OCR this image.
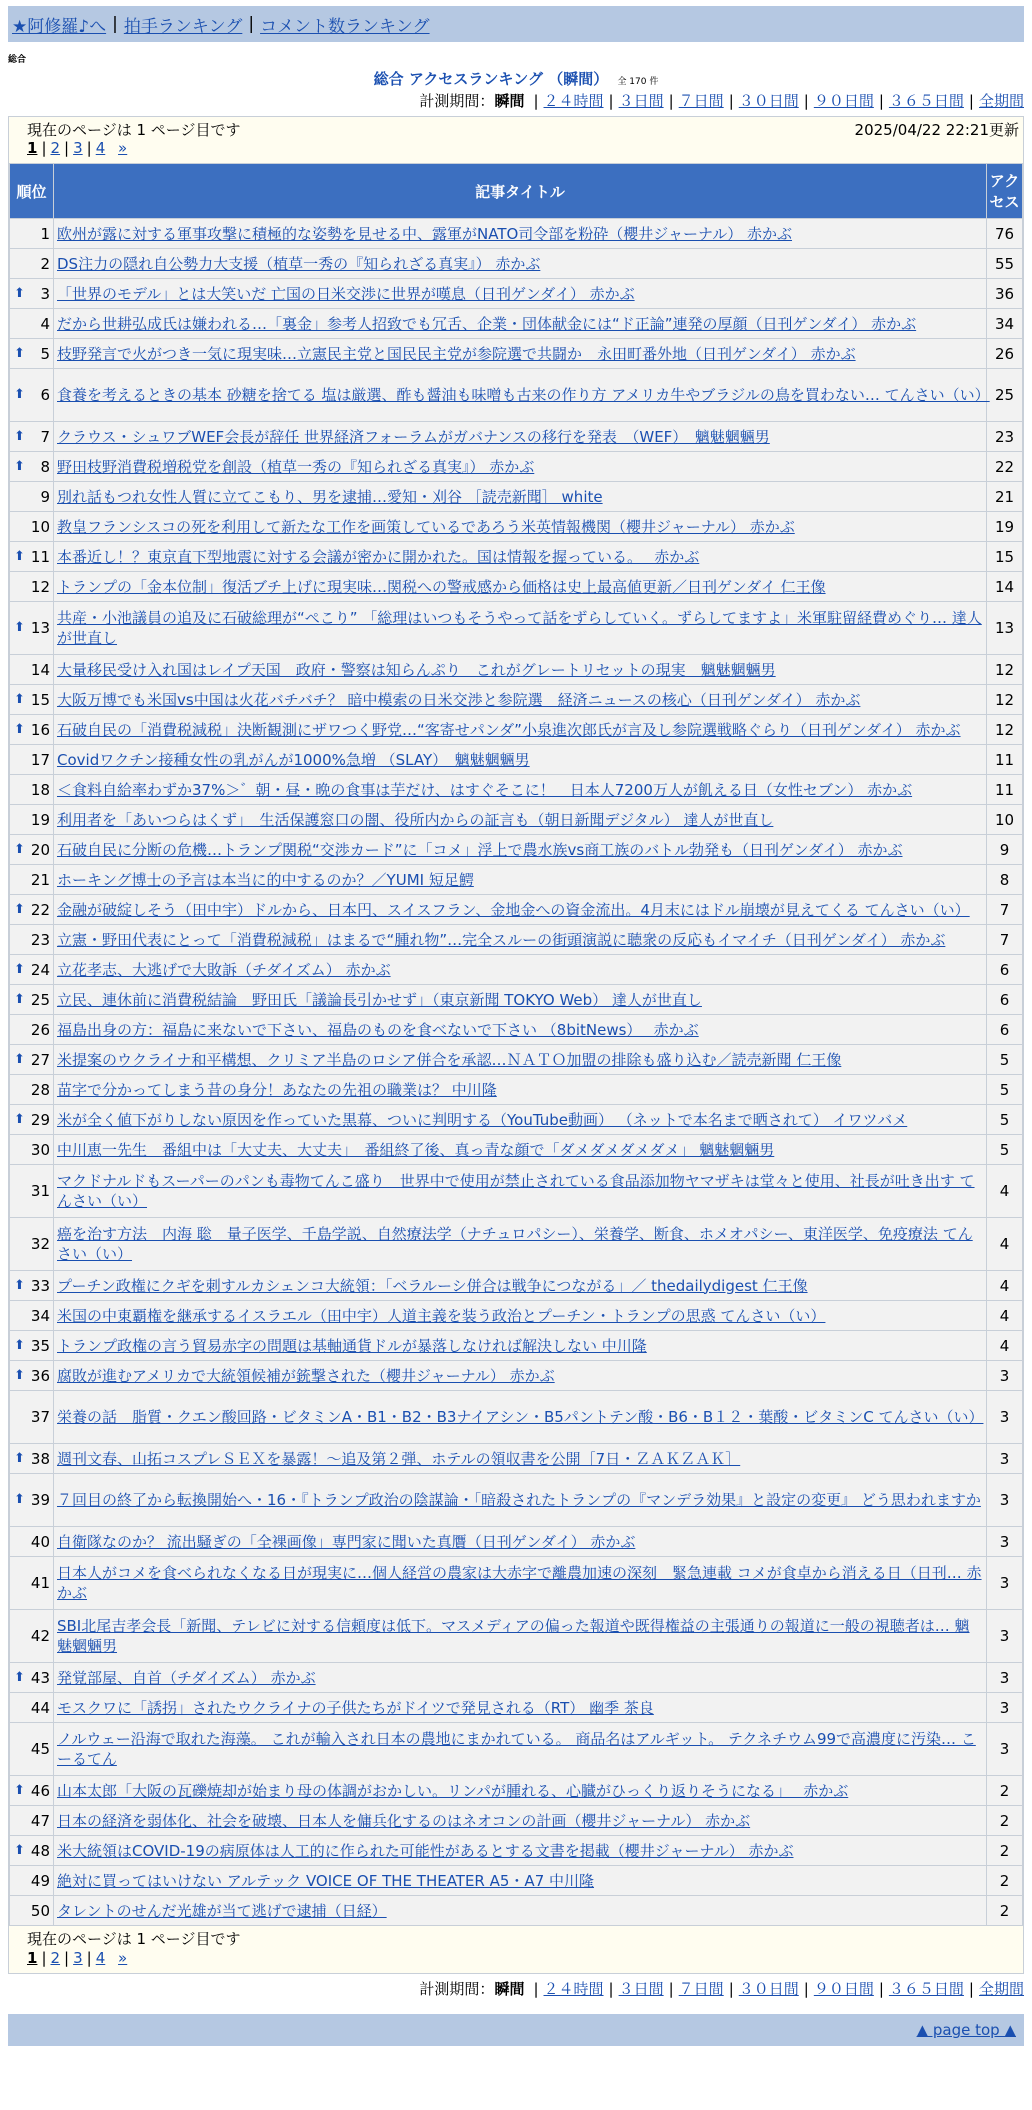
★阿修羅♪へ | 拍手ランキング | コメント数ランキング
総合
総合 アクセスランキング （瞬間） 全 170 件
計測期間：瞬間 | ２４時間 | ３日間 | ７日間 | ３０日間 | ９０日間 | ３６５日間 | 全期間
現在のページは 1 ページ目です	2025/04/22 22:21更新
1 | 2 | 3 | 4 »
順位	記事タイトル	アクセス
1	欧州が露に対する軍事攻撃に積極的な姿勢を見せる中、露軍がNATO司令部を粉砕（櫻井ジャーナル） 赤かぶ	76
2	DS注力の隠れ自公勢力大支援（植草一秀の『知られざる真実』） 赤かぶ	55

⬆ 3	「世界のモデル」とは大笑いだ 亡国の日米交渉に世界が嘆息（日刊ゲンダイ） 赤かぶ	36
4	だから世耕弘成氏は嫌われる…「裏金」参考人招致でも冗舌、企業・団体献金には“ド正論”連発の厚顔（日刊ゲンダイ） 赤かぶ	34

⬆ 5	枝野発言で火がつき一気に現実味…立憲民主党と国民民主党が参院選で共闘か　永田町番外地（日刊ゲンダイ） 赤かぶ	26

⬆ 6	食養を考えるときの基本 砂糖を捨てる 塩は厳選、酢も醤油も味噌も古来の作り方 アメリカ牛やブラジルの鳥を買わない… てんさい（い）	25

⬆ 7	クラウス・シュワブWEF会長が辞任 世界経済フォーラムがガバナンスの移行を発表　（WEF）　魑魅魍魎男	23

⬆ 8	野田枝野消費税増税党を創設（植草一秀の『知られざる真実』） 赤かぶ	22
9	別れ話もつれ女性人質に立てこもり、男を逮捕…愛知・刈谷 ［読売新聞］ white	21
10	教皇フランシスコの死を利用して新たな工作を画策しているであろう米英情報機関（櫻井ジャーナル） 赤かぶ	19

⬆ 11	本番近し！？東京直下型地震に対する会議が密かに開かれた。国は情報を握っている。　 赤かぶ	15
12	トランプの「金本位制」復活ブチ上げに現実味…関税への警戒感から価格は史上最高値更新／日刊ゲンダイ 仁王像	14

⬆ 13	共産・小池議員の追及に石破総理が“ぺこり” 「総理はいつもそうやって話をずらしていく。ずらしてますよ」米軍駐留経費めぐり… 達人が世直し	13
14	大量移民受け入れ国はレイプ天国　政府・警察は知らんぷり　これがグレートリセットの現実　魑魅魍魎男	12

⬆ 15	大阪万博でも米国vs中国は火花バチバチ？ 暗中模索の日米交渉と参院選　経済ニュースの核心（日刊ゲンダイ） 赤かぶ	12

⬆ 16	石破自民の「消費税減税」決断観測にザワつく野党…“客寄せパンダ”小泉進次郎氏が言及し参院選戦略ぐらり（日刊ゲンダイ） 赤かぶ	12
17	Covidワクチン接種女性の乳がんが1000%急増 （SLAY）　魑魅魍魎男	11
18	＜食料自給率わずか37%＞゛朝・昼・晩の食事は芋だけ、はすぐそこに！　日本人7200万人が飢える日（女性セブン） 赤かぶ	11
19	利用者を「あいつらはくず」　生活保護窓口の闇、役所内からの証言も（朝日新聞デジタル） 達人が世直し	10

⬆ 20	石破自民に分断の危機…トランプ関税“交渉カード”に「コメ」浮上で農水族vs商工族のバトル勃発も（日刊ゲンダイ） 赤かぶ	9
21	ホーキング博士の予言は本当に的中するのか？／YUMI 短足鰐	8

⬆ 22	金融が破綻しそう（田中宇）ドルから、日本円、スイスフラン、金地金への資金流出。4月末にはドル崩壊が見えてくる てんさい（い）	7
23	立憲・野田代表にとって「消費税減税」はまるで“腫れ物”…完全スルーの街頭演説に聴衆の反応もイマイチ（日刊ゲンダイ） 赤かぶ	7

⬆ 24	立花孝志、大逃げで大敗訴（チダイズム） 赤かぶ	6

⬆ 25	立民、連休前に消費税結論　野田氏「議論長引かせず」（東京新聞 TOKYO Web） 達人が世直し	6
26	福島出身の方：福島に来ないで下さい、福島のものを食べないで下さい （8bitNews）　 赤かぶ	6

⬆ 27	米提案のウクライナ和平構想、クリミア半島のロシア併合を承認…ＮＡＴＯ加盟の排除も盛り込む／読売新聞 仁王像	5
28	苗字で分かってしまう昔の身分！あなたの先祖の職業は？ 中川隆	5

⬆ 29	米が全く値下がりしない原因を作っていた黒幕、ついに判明する（YouTube動画） （ネットで本名まで晒されて） イワツバメ	5
30	中川恵一先生　番組中は「大丈夫、大丈夫」　番組終了後、真っ青な顔で「ダメダメダメダメ」 魑魅魍魎男	5
31	マクドナルドもスーパーのパンも毒物てんこ盛り　世界中で使用が禁止されている食品添加物ヤマザキは堂々と使用、社長が吐き出す てんさい（い）	4
32	癌を治す方法　内海 聡　量子医学、千島学説、自然療法学（ナチュロパシー）、栄養学、断食、ホメオパシー、東洋医学、免疫療法 てんさい（い）	4

⬆ 33	プーチン政権にクギを刺すルカシェンコ大統領：「ベラルーシ併合は戦争につながる」／ thedailydigest 仁王像	4
34	米国の中東覇権を継承するイスラエル（田中宇）人道主義を装う政治とプーチン・トランプの思惑 てんさい（い）	4

⬆ 35	トランプ政権の言う貿易赤字の問題は基軸通貨ドルが暴落しなければ解決しない 中川隆	4

⬆ 36	腐敗が進むアメリカで大統領候補が銃撃された（櫻井ジャーナル） 赤かぶ	3
37	栄養の話　脂質・クエン酸回路・ビタミンA・B1・B2・B3ナイアシン・B5パントテン酸・B6・B１２・葉酸・ビタミンC てんさい（い）	3

⬆ 38	週刊文春、山拓コスプレＳＥＸを暴露！～追及第２弾、ホテルの領収書を公開［7日・ＺＡＫＺＡＫ］	3

⬆ 39	７回目の終了から転換開始へ・16・『トランプ政治の陰謀論・「暗殺されたトランプの『マンデラ効果』と設定の変更』 どう思われますか	3
40	自衛隊なのか？ 流出騒ぎの「全裸画像」専門家に聞いた真贋（日刊ゲンダイ） 赤かぶ	3
41	日本人がコメを食べられなくなる日が現実に…個人経営の農家は大赤字で離農加速の深刻　緊急連載 コメが食卓から消える日（日刊… 赤かぶ	3
42	SBI北尾吉孝会長「新聞、テレビに対する信頼度は低下。マスメディアの偏った報道や既得権益の主張通りの報道に一般の視聴者は… 魑魅魍魎男	3

⬆ 43	発覚部屋、自首（チダイズム） 赤かぶ	3
44	モスクワに「誘拐」されたウクライナの子供たちがドイツで発見される（RT） 幽季 茶良	3
45	ノルウェー沿海で取れた海藻。 これが輸入され日本の農地にまかれている。 商品名はアルギット。 テクネチウム99で高濃度に汚染… こーるてん	3

⬆ 46	山本太郎「大阪の瓦礫焼却が始まり母の体調がおかしい。リンパが腫れる、心臓がひっくり返りそうになる」　 赤かぶ	2
47	日本の経済を弱体化、社会を破壊、日本人を傭兵化するのはネオコンの計画（櫻井ジャーナル） 赤かぶ	2

⬆ 48	米大統領はCOVID-19の病原体は人工的に作られた可能性があるとする文書を掲載（櫻井ジャーナル） 赤かぶ	2
49	絶対に買ってはいけない アルテック VOICE OF THE THEATER A5・A7 中川隆	2
50	タレントのせんだ光雄が当て逃げで逮捕（日経）	2
現在のページは 1 ページ目です
1 | 2 | 3 | 4 »
計測期間：瞬間 | ２４時間 | ３日間 | ７日間 | ３０日間 | ９０日間 | ３６５日間 | 全期間
▲ page top ▲
